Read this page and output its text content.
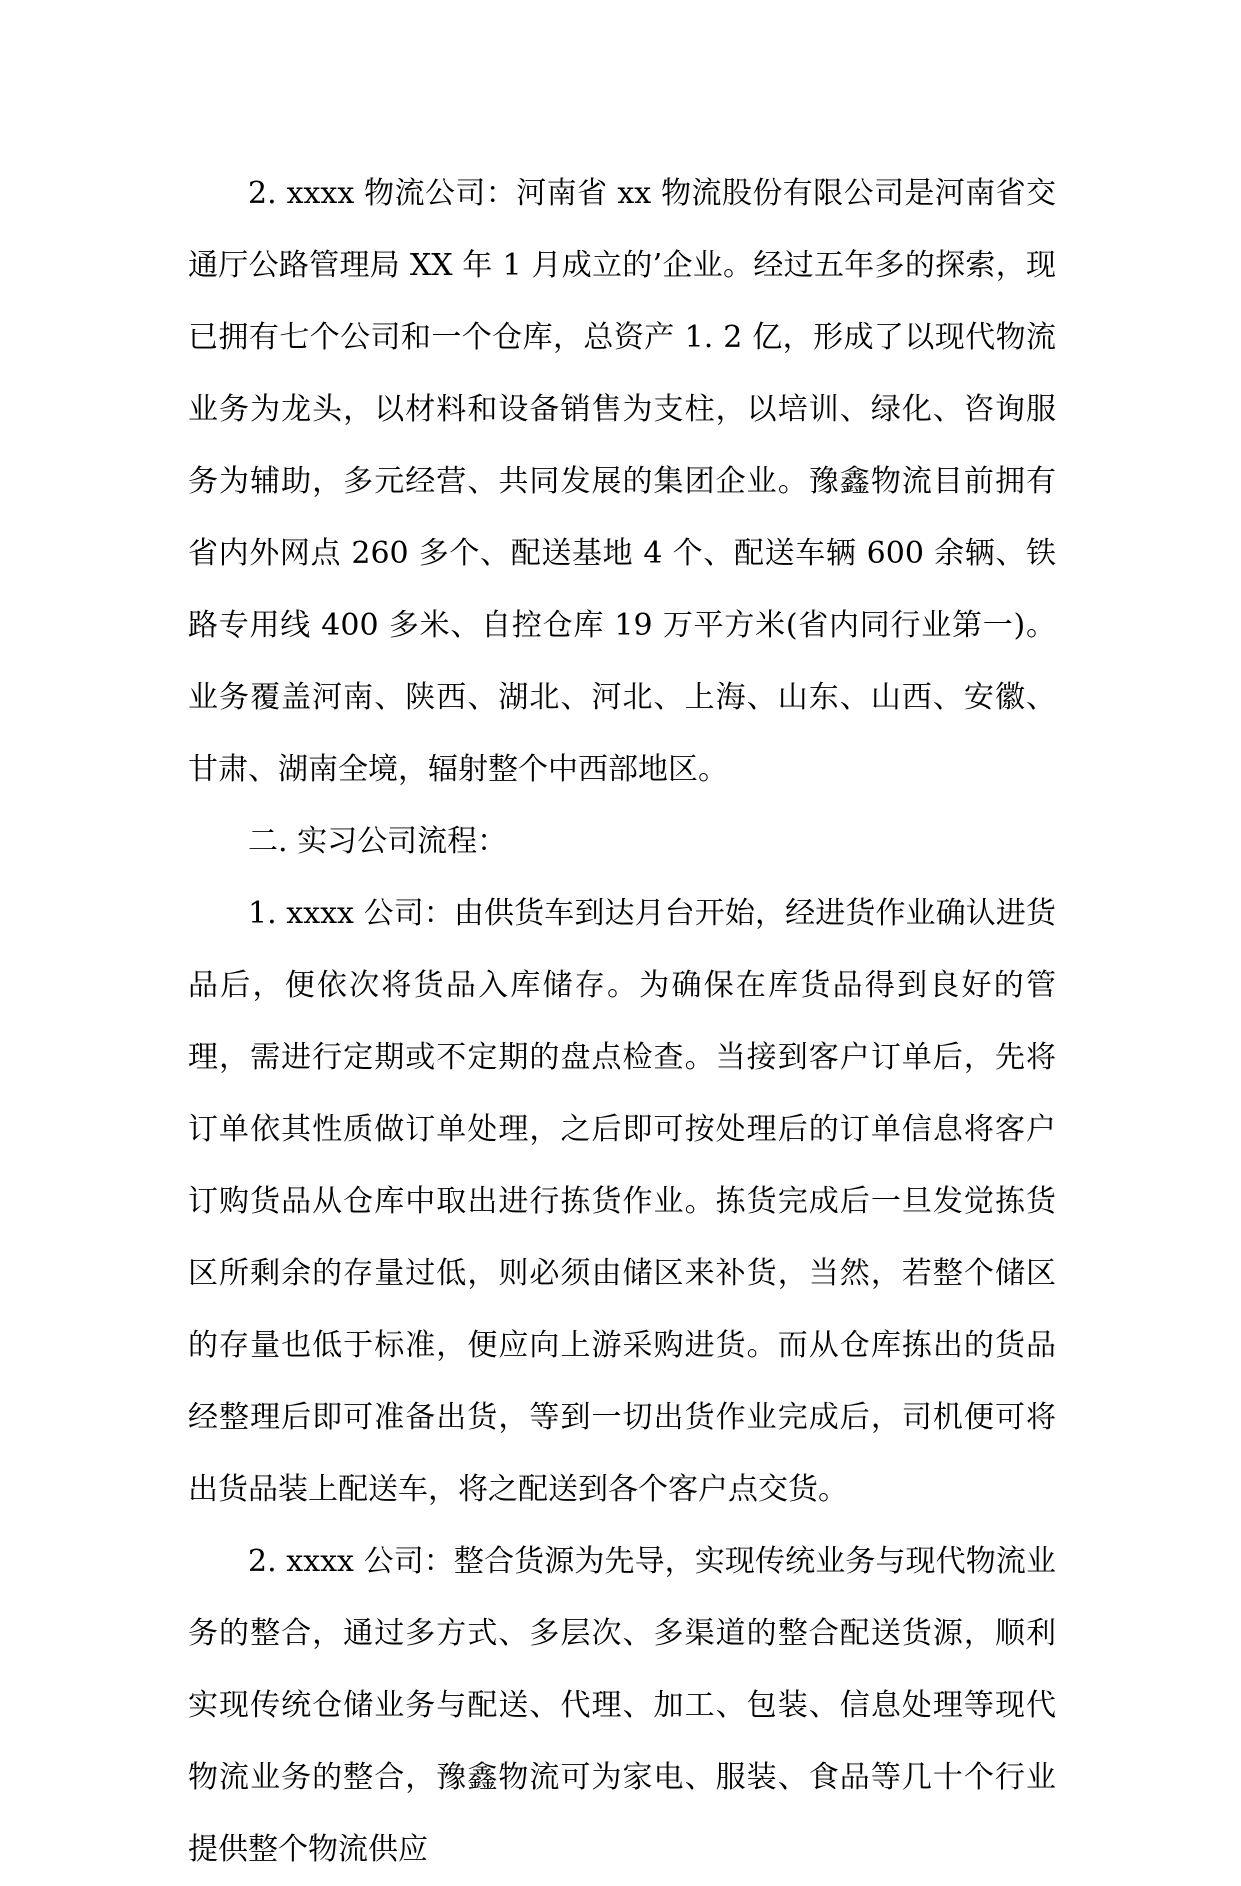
2. xxxx 物流公司：河南省 xx 物流股份有限公司是河南省交通厅公路管理局 XX 年 1 月成立的’企业。经过五年多的探索，现已拥有七个公司和一个仓库，总资产 1. 2 亿，形成了以现代物流业务为龙头，以材料和设备销售为支柱，以培训、绿化、咨询服务为辅助，多元经营、共同发展的集团企业。豫鑫物流目前拥有省内外网点 260 多个、配送基地 4 个、配送车辆 600 余辆、铁路专用线 400 多米、自控仓库 19 万平方米(省内同行业第一)。业务覆盖河南、陕西、湖北、河北、上海、山东、山西、安徽、甘肃、湖南全境，辐射整个中西部地区。

二. 实习公司流程：

1. xxxx 公司：由供货车到达月台开始，经进货作业确认进货品后，便依次将货品入库储存。为确保在库货品得到良好的管理，需进行定期或不定期的盘点检查。当接到客户订单后，先将订单依其性质做订单处理，之后即可按处理后的订单信息将客户订购货品从仓库中取出进行拣货作业。拣货完成后一旦发觉拣货区所剩余的存量过低，则必须由储区来补货，当然，若整个储区的存量也低于标准，便应向上游采购进货。而从仓库拣出的货品经整理后即可准备出货，等到一切出货作业完成后，司机便可将出货品装上配送车，将之配送到各个客户点交货。

2. xxxx 公司：整合货源为先导，实现传统业务与现代物流业务的整合，通过多方式、多层次、多渠道的整合配送货源，顺利实现传统仓储业务与配送、代理、加工、包装、信息处理等现代物流业务的整合，豫鑫物流可为家电、服装、食品等几十个行业提供整个物流供应
